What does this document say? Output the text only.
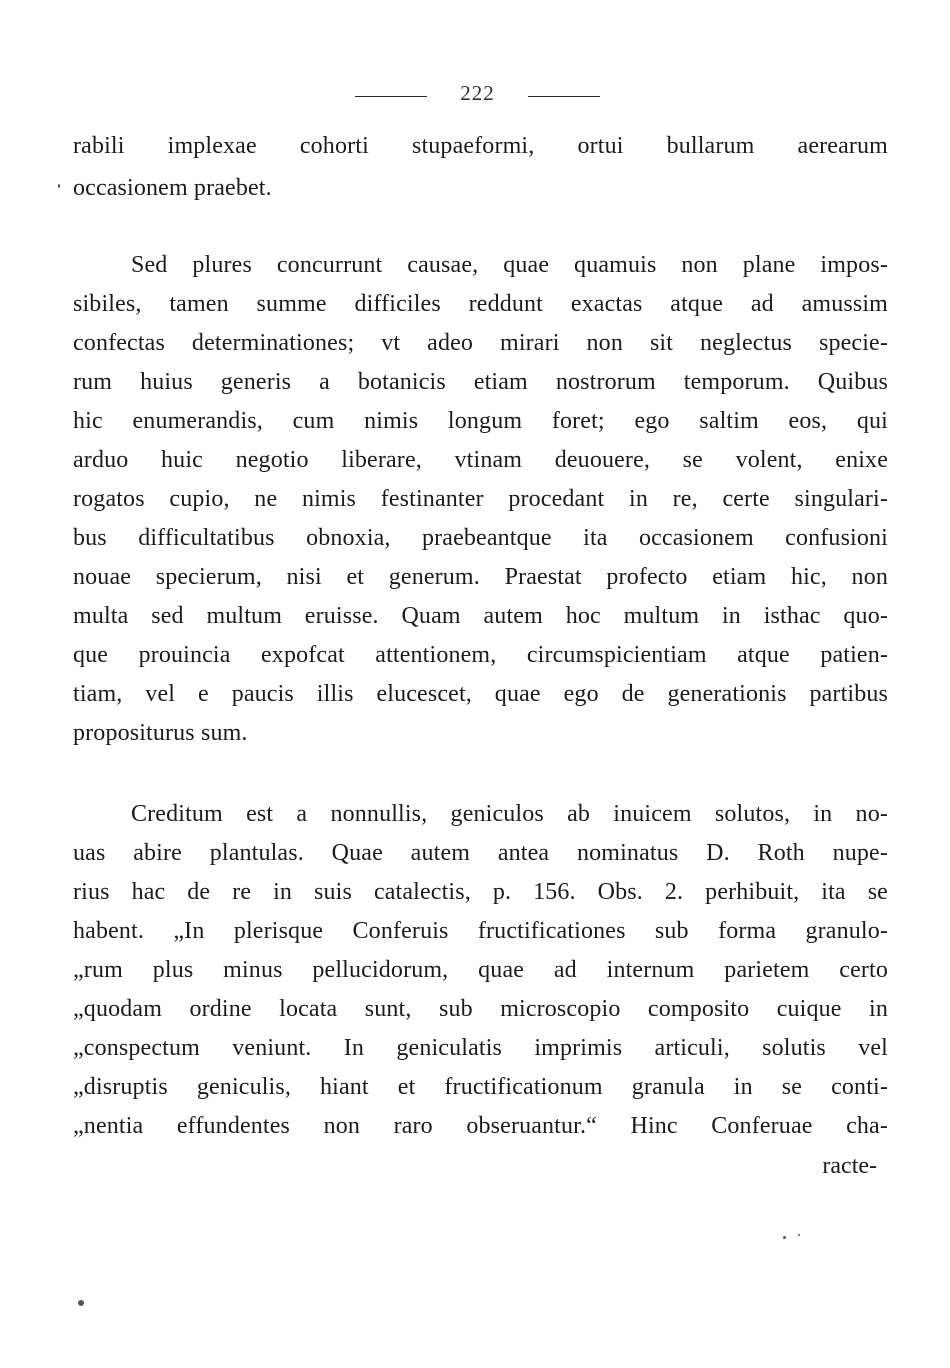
222
rabili implexae cohorti stupaeformi, ortui bullarum aerearum
occasionem praebet.
Sed plures concurrunt causae, quae quamuis non plane impos-
sibiles, tamen summe difficiles reddunt exactas atque ad amussim
confectas determinationes; vt adeo mirari non sit neglectus specie-
rum huius generis a botanicis etiam nostrorum temporum. Quibus
hic enumerandis, cum nimis longum foret; ego saltim eos, qui
arduo huic negotio liberare, vtinam deuouere, se volent, enixe
rogatos cupio, ne nimis festinanter procedant in re, certe singulari-
bus difficultatibus obnoxia, praebeantque ita occasionem confusioni
nouae specierum, nisi et generum. Praestat profecto etiam hic, non
multa sed multum eruisse. Quam autem hoc multum in isthac quo-
que prouincia expofcat attentionem, circumspicientiam atque patien-
tiam, vel e paucis illis elucescet, quae ego de generationis partibus
propositurus sum.
Creditum est a nonnullis, geniculos ab inuicem solutos, in no-
uas abire plantulas. Quae autem antea nominatus D. Roth nupe-
rius hac de re in suis catalectis, p. 156. Obs. 2. perhibuit, ita se
habent. „In plerisque Conferuis fructificationes sub forma granulo-
„rum plus minus pellucidorum, quae ad internum parietem certo
„quodam ordine locata sunt, sub microscopio composito cuique in
„conspectum veniunt. In geniculatis imprimis articuli, solutis vel
„disruptis geniculis, hiant et fructificationum granula in se conti-
„nentia effundentes non raro obseruantur.“ Hinc Conferuae cha-
racte-
